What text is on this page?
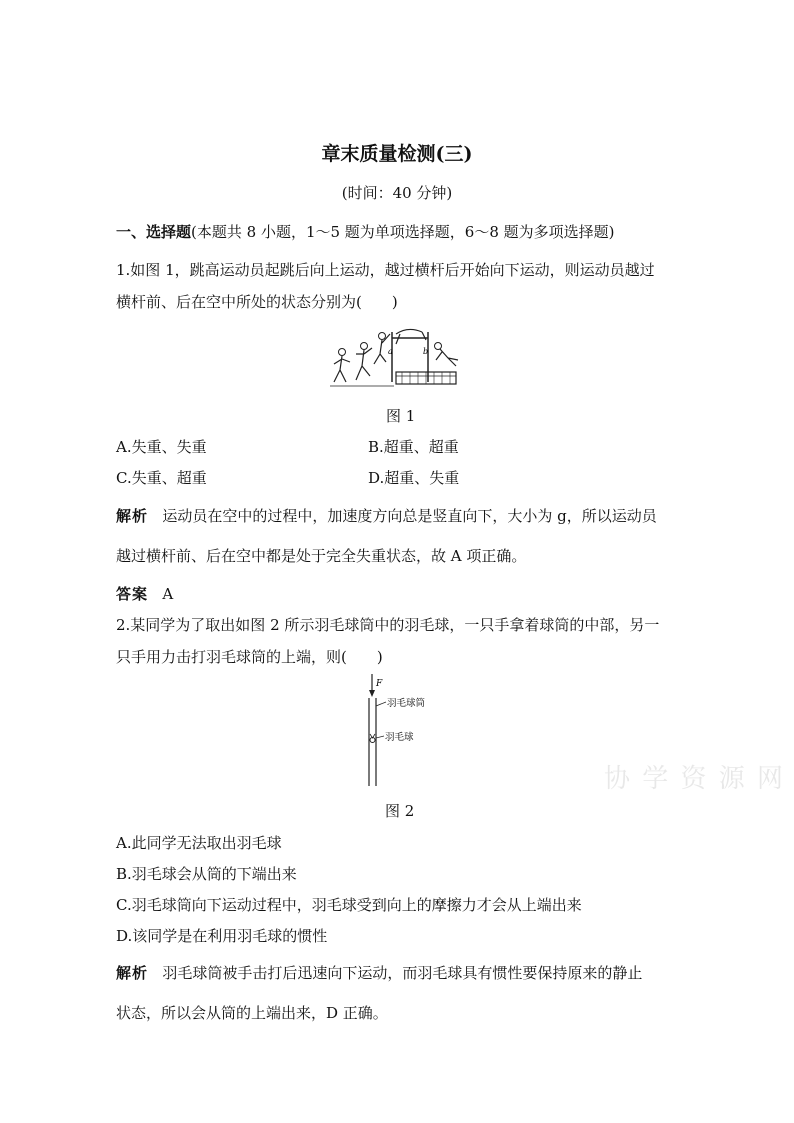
章末质量检测(三)
(时间：40 分钟)
一、选择题(本题共 8 小题，1～5 题为单项选择题，6～8 题为多项选择题)
1.如图 1，跳高运动员起跳后向上运动，越过横杆后开始向下运动，则运动员越过
横杆前、后在空中所处的状态分别为(　　)
a	b
图 1
A.失重、失重	B.超重、超重
C.失重、超重	D.超重、失重
解析 运动员在空中的过程中，加速度方向总是竖直向下，大小为 g，所以运动员
越过横杆前、后在空中都是处于完全失重状态，故 A 项正确。
答案 A
2.某同学为了取出如图 2 所示羽毛球筒中的羽毛球，一只手拿着球筒的中部，另一
只手用力击打羽毛球筒的上端，则(　　)
F
羽毛球筒
羽毛球
图 2
A.此同学无法取出羽毛球
B.羽毛球会从筒的下端出来
C.羽毛球筒向下运动过程中，羽毛球受到向上的摩擦力才会从上端出来
D.该同学是在利用羽毛球的惯性
解析 羽毛球筒被手击打后迅速向下运动，而羽毛球具有惯性要保持原来的静止
状态，所以会从筒的上端出来，D 正确。
协 学 资 源 网
